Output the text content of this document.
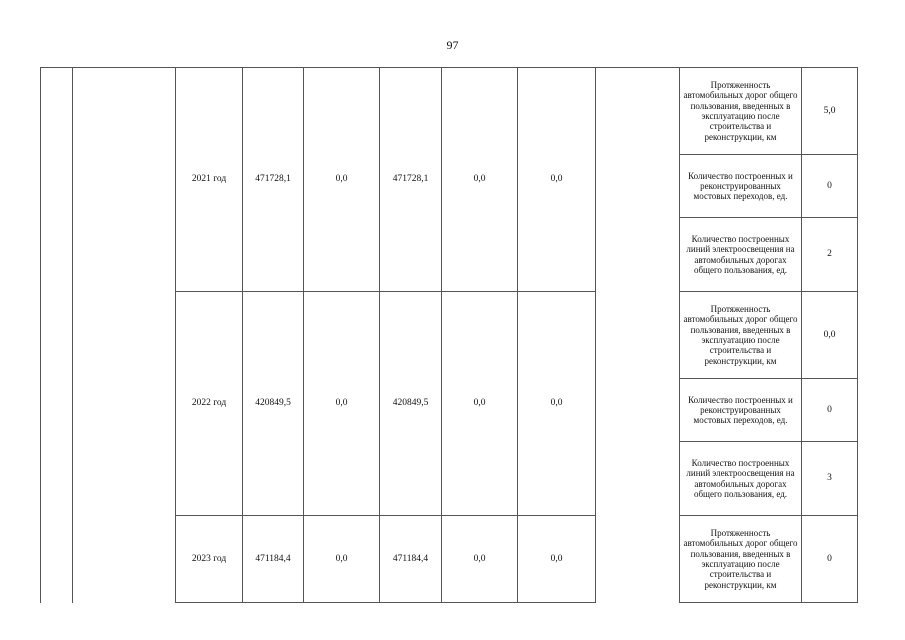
97
		2021 год	471728,1	0,0	471728,1	0,0	0,0		Протяженность автомобильных дорог общего пользования, введенных в эксплуатацию после строительства и реконструкции, км	5,0
									Количество построенных и реконструированных мостовых переходов, ед.	0
									Количество построенных линий электроосвещения на автомобильных дорогах общего пользования, ед.	2
		2022 год	420849,5	0,0	420849,5	0,0	0,0		Протяженность автомобильных дорог общего пользования, введенных в эксплуатацию после строительства и реконструкции, км	0,0
									Количество построенных и реконструированных мостовых переходов, ед.	0
									Количество построенных линий электроосвещения на автомобильных дорогах общего пользования, ед.	3
		2023 год	471184,4	0,0	471184,4	0,0	0,0		Протяженность автомобильных дорог общего пользования, введенных в эксплуатацию после строительства и реконструкции, км	0
